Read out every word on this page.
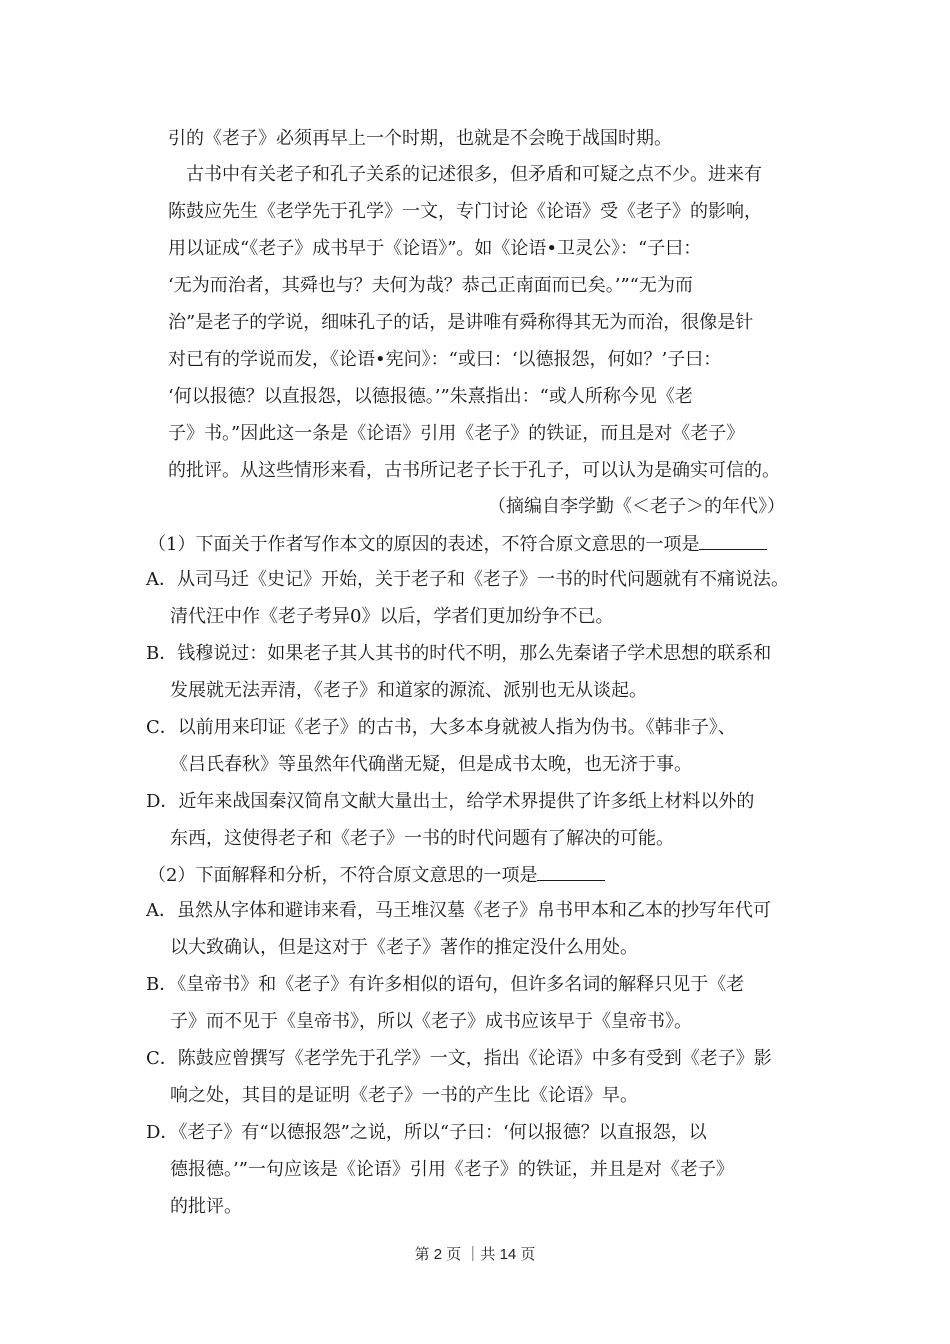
引的《老子》必须再早上一个时期，也就是不会晚于战国时期。
古书中有关老子和孔子关系的记述很多，但矛盾和可疑之点不少。进来有
陈鼓应先生《老学先于孔学》一文，专门讨论《论语》受《老子》的影响，
用以证成“《老子》成书早于《论语》”。如《论语•卫灵公》：“子曰：
‘无为而治者，其舜也与？夫何为哉？恭己正南面而已矣。’”“无为而
治”是老子的学说，细味孔子的话，是讲唯有舜称得其无为而治，很像是针
对已有的学说而发，《论语•宪问》：“或曰：‘以德报怨，何如？’子曰：
‘何以报德？以直报怨，以德报德。’”朱熹指出：“或人所称今见《老
子》书。”因此这一条是《论语》引用《老子》的铁证，而且是对《老子》
的批评。从这些情形来看，古书所记老子长于孔子，可以认为是确实可信的。
（摘编自李学勤《＜老子＞的年代》）
（1）下面关于作者写作本文的原因的表述，不符合原文意思的一项是
A．从司马迁《史记》开始，关于老子和《老子》一书的时代问题就有不痛说法。
清代汪中作《老子考异0》以后，学者们更加纷争不已。
B．钱穆说过：如果老子其人其书的时代不明，那么先秦诸子学术思想的联系和
发展就无法弄清，《老子》和道家的源流、派别也无从谈起。
C．以前用来印证《老子》的古书，大多本身就被人指为伪书。《韩非子》、
《吕氏春秋》等虽然年代确凿无疑，但是成书太晚，也无济于事。
D．近年来战国秦汉简帛文献大量出士，给学术界提供了许多纸上材料以外的
东西，这使得老子和《老子》一书的时代问题有了解决的可能。
（2）下面解释和分析，不符合原文意思的一项是
A．虽然从字体和避讳来看，马王堆汉墓《老子》帛书甲本和乙本的抄写年代可
以大致确认，但是这对于《老子》著作的推定没什么用处。
B．《皇帝书》和《老子》有许多相似的语句，但许多名词的解释只见于《老
子》而不见于《皇帝书》，所以《老子》成书应该早于《皇帝书》。
C．陈鼓应曾撰写《老学先于孔学》一文，指出《论语》中多有受到《老子》影
响之处，其目的是证明《老子》一书的产生比《论语》早。
D．《老子》有“以德报怨”之说，所以“子曰：‘何以报德？以直报怨，以
德报德。’”一句应该是《论语》引用《老子》的铁证，并且是对《老子》
的批评。
第 2 页 ｜共 14 页
